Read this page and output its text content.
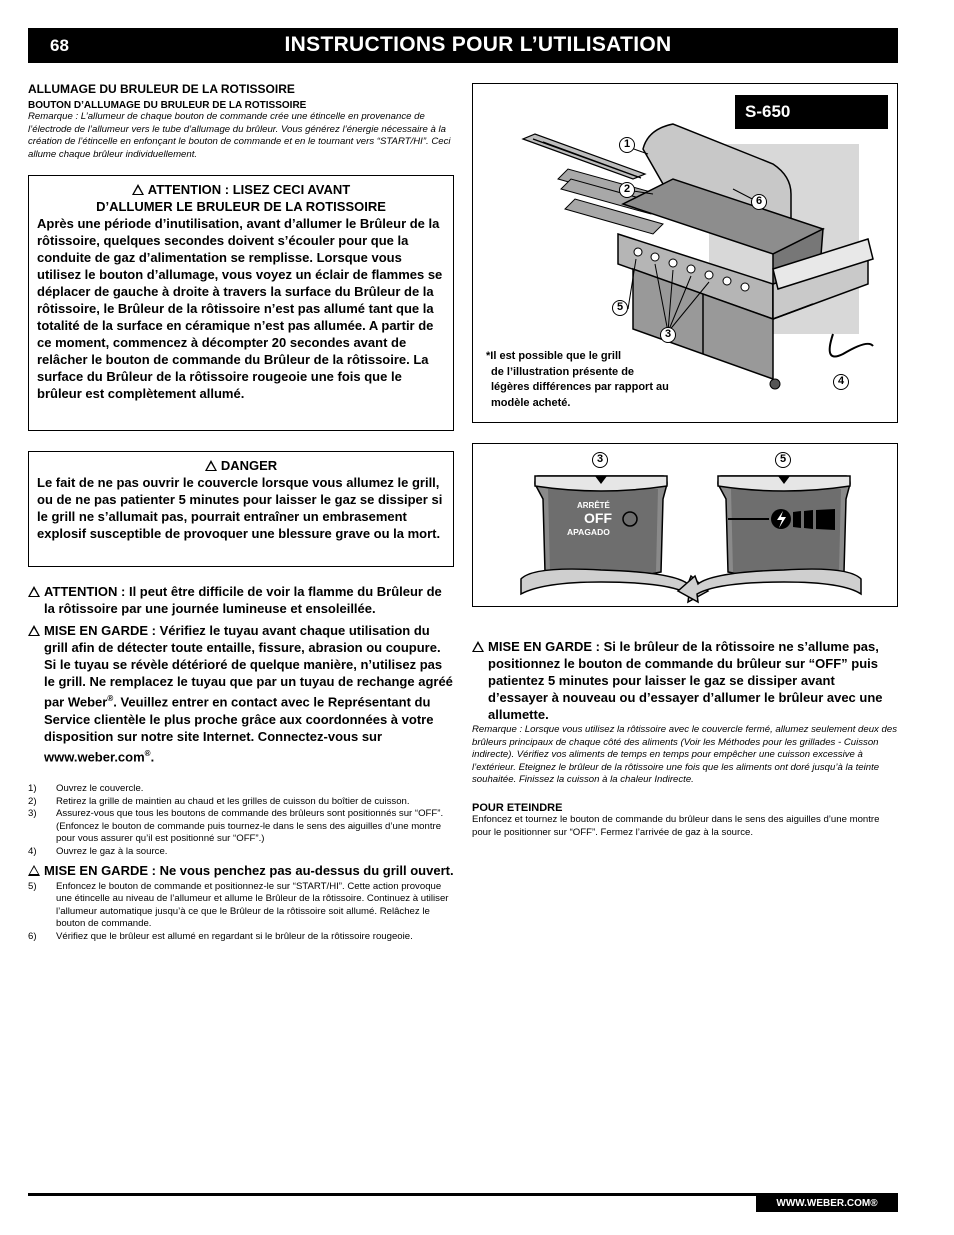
68	INSTRUCTIONS POUR L’UTILISATION
ALLUMAGE DU BRULEUR DE LA ROTISSOIRE
BOUTON D’ALLUMAGE DU BRULEUR DE LA ROTISSOIRE
Remarque : L’allumeur de chaque bouton de commande crée une étincelle en provenance de l’électrode de l’allumeur vers le tube d’allumage du brûleur. Vous générez l’énergie nécessaire à la création de l’étincelle en enfonçant le bouton de commande et en le tournant vers “START/HI”. Ceci allume chaque brûleur individuellement.
ATTENTION : LISEZ CECI AVANT
D’ALLUMER LE BRULEUR DE LA ROTISSOIRE
Après une période d’inutilisation, avant d’allumer le Brûleur de la rôtissoire, quelques secondes doivent s’écouler pour que la conduite de gaz d’alimentation se remplisse. Lorsque vous utilisez le bouton d’allumage, vous voyez un éclair de flammes se déplacer de gauche à droite à travers la surface du Brûleur de la rôtissoire, le Brûleur de la rôtissoire n’est pas allumé tant que la totalité de la surface en céramique n’est pas allumée. A partir de ce moment, commencez à décompter 20 secondes avant de relâcher le bouton de commande du Brûleur de la rôtissoire. La surface du Brûleur de la rôtissoire rougeoie une fois que le brûleur est complètement allumé.
DANGER
Le fait de ne pas ouvrir le couvercle lorsque vous allumez le grill, ou de ne pas patienter 5 minutes pour laisser le gaz se dissiper si le grill ne s’allumait pas, pourrait entraîner un embrasement explosif susceptible de provoquer une blessure grave ou la mort.
ATTENTION : Il peut être difficile de voir la flamme du Brûleur de la rôtissoire par une journée lumineuse et ensoleillée.
MISE EN GARDE : Vérifiez le tuyau avant chaque utilisation du grill afin de détecter toute entaille, fissure, abrasion ou coupure. Si le tuyau se révèle détérioré de quelque manière, n’utilisez pas le grill. Ne remplacez le tuyau que par un tuyau de rechange agréé par Weber®. Veuillez entrer en contact avec le Représentant du Service clientèle le plus proche grâce aux coordonnées à votre disposition sur notre site Internet. Connectez-vous sur www.weber.com®.
1)	Ouvrez le couvercle.
2)	Retirez la grille de maintien au chaud et les grilles de cuisson du boîtier de cuisson.
3)	Assurez-vous que tous les boutons de commande des brûleurs sont positionnés sur “OFF”. (Enfoncez le bouton de commande puis tournez-le dans le sens des aiguilles d’une montre pour vous assurer qu’il est positionné sur “OFF”.)
4)	Ouvrez le gaz à la source.
MISE EN GARDE : Ne vous penchez pas au-dessus du grill ouvert.
5)	Enfoncez le bouton de commande et positionnez-le sur “START/HI”. Cette action provoque une étincelle au niveau de l’allumeur et allume le Brûleur de la rôtissoire. Continuez à utiliser l’allumeur automatique jusqu’à ce que le Brûleur de la rôtissoire soit allumé. Relâchez le bouton de commande.
6)	Vérifiez que le brûleur est allumé en regardant si le brûleur de la rôtissoire rougeoie.
S-650
1
2
3
4
5
6
*Il est possible que le grill
de l’illustration présente de
légères différences par rapport au
modèle acheté.
ARRÊTÉ
OFF
APAGADO
3	5
MISE EN GARDE : Si le brûleur de la rôtissoire ne s’allume pas, positionnez le bouton de commande du brûleur sur “OFF” puis patientez 5 minutes pour laisser le gaz se dissiper avant d’essayer à nouveau ou d’essayer d’allumer le brûleur avec une allumette.
Remarque : Lorsque vous utilisez la rôtissoire avec le couvercle fermé, allumez seulement deux des brûleurs principaux de chaque côté des aliments (Voir les Méthodes pour les grillades - Cuisson indirecte). Vérifiez vos aliments de temps en temps pour empêcher une cuisson excessive à l’extérieur. Eteignez le brûleur de la rôtissoire une fois que les aliments ont doré jusqu’à la teinte souhaitée. Finissez la cuisson à la chaleur Indirecte.
POUR ETEINDRE
Enfoncez et tournez le bouton de commande du brûleur dans le sens des aiguilles d’une montre pour le positionner sur “OFF”. Fermez l’arrivée de gaz à la source.
WWW.WEBER.COM®
